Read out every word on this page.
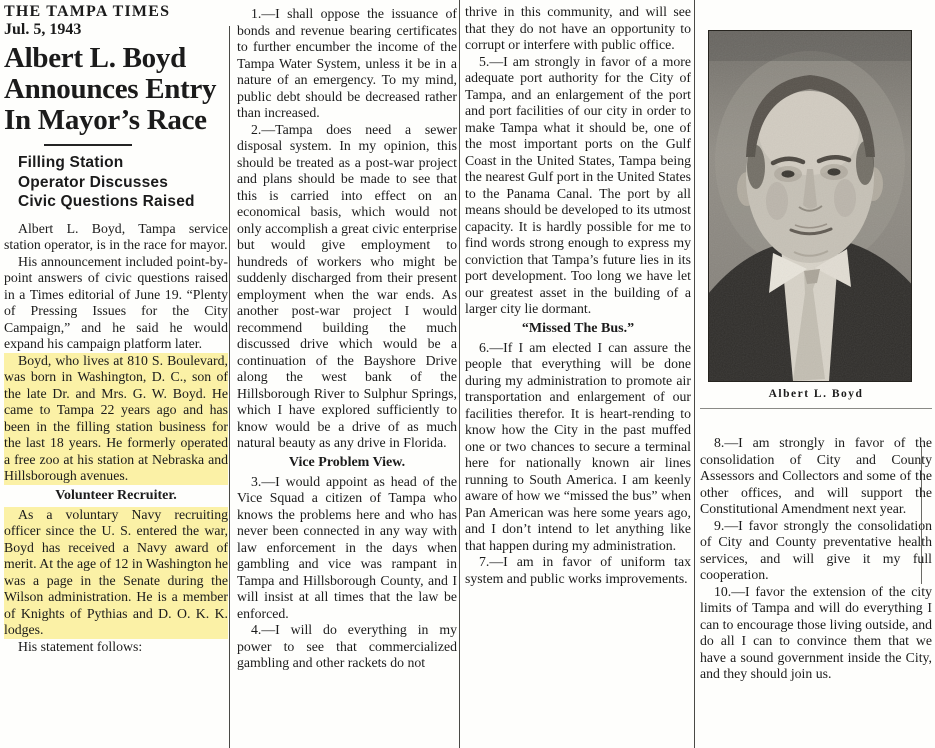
THE TAMPA TIMES
Jul. 5, 1943
Albert L. Boyd
Announces Entry
In Mayor’s Race
Filling Station
Operator Discusses
Civic Questions Raised

Albert L. Boyd, Tampa service station operator, is in the race for mayor.

His announcement included point-by-point answers of civic questions raised in a Times editorial of June 19. “Plenty of Pressing Issues for the City Campaign,” and he said he would expand his campaign platform later.

Boyd, who lives at 810 S. Boulevard, was born in Washington, D. C., son of the late Dr. and Mrs. G. W. Boyd. He came to Tampa 22 years ago and has been in the filling station business for the last 18 years. He formerly operated a free zoo at his station at Nebraska and Hillsborough avenues.

Volunteer Recruiter.

As a voluntary Navy recruiting officer since the U. S. entered the war, Boyd has received a Navy award of merit. At the age of 12 in Washington he was a page in the Senate during the Wilson administration. He is a member of Knights of Pythias and D. O. K. K. lodges.

His statement follows:

1.—I shall oppose the issuance of bonds and revenue bearing certificates to further encumber the income of the Tampa Water System, unless it be in a nature of an emergency. To my mind, public debt should be decreased rather than increased.

2.—Tampa does need a sewer disposal system. In my opinion, this should be treated as a post-war project and plans should be made to see that this is carried into effect on an economical basis, which would not only accomplish a great civic enterprise but would give employment to hundreds of workers who might be suddenly discharged from their present employment when the war ends. As another post-war project I would recommend building the much discussed drive which would be a continuation of the Bayshore Drive along the west bank of the Hillsborough River to Sulphur Springs, which I have explored sufficiently to know would be a drive of as much natural beauty as any drive in Florida.

Vice Problem View.

3.—I would appoint as head of the Vice Squad a citizen of Tampa who knows the problems here and who has never been connected in any way with law enforcement in the days when gambling and vice was rampant in Tampa and Hillsborough County, and I will insist at all times that the law be enforced.

4.—I will do everything in my power to see that commercialized gambling and other rackets do not

thrive in this community, and will see that they do not have an opportunity to corrupt or interfere with public office.

5.—I am strongly in favor of a more adequate port authority for the City of Tampa, and an enlargement of the port and port facilities of our city in order to make Tampa what it should be, one of the most important ports on the Gulf Coast in the United States, Tampa being the nearest Gulf port in the United States to the Panama Canal. The port by all means should be developed to its utmost capacity. It is hardly possible for me to find words strong enough to express my conviction that Tampa’s future lies in its port development. Too long we have let our greatest asset in the building of a larger city lie dormant.

“Missed The Bus.”

6.—If I am elected I can assure the people that everything will be done during my administration to promote air transportation and enlargement of our facilities therefor. It is heart-rending to know how the City in the past muffed one or two chances to secure a terminal here for nationally known air lines running to South America. I am keenly aware of how we “missed the bus” when Pan American was here some years ago, and I don’t intend to let anything like that happen during my administration.

7.—I am in favor of uniform tax system and public works improvements.

Albert L. Boyd

8.—I am strongly in favor of the consolidation of City and County Assessors and Collectors and some of the other offices, and will support the Constitutional Amendment next year.

9.—I favor strongly the consolidation of City and County preventative health services, and will give it my full cooperation.

10.—I favor the extension of the city limits of Tampa and will do everything I can to encourage those living outside, and do all I can to convince them that we have a sound government inside the City, and they should join us.
